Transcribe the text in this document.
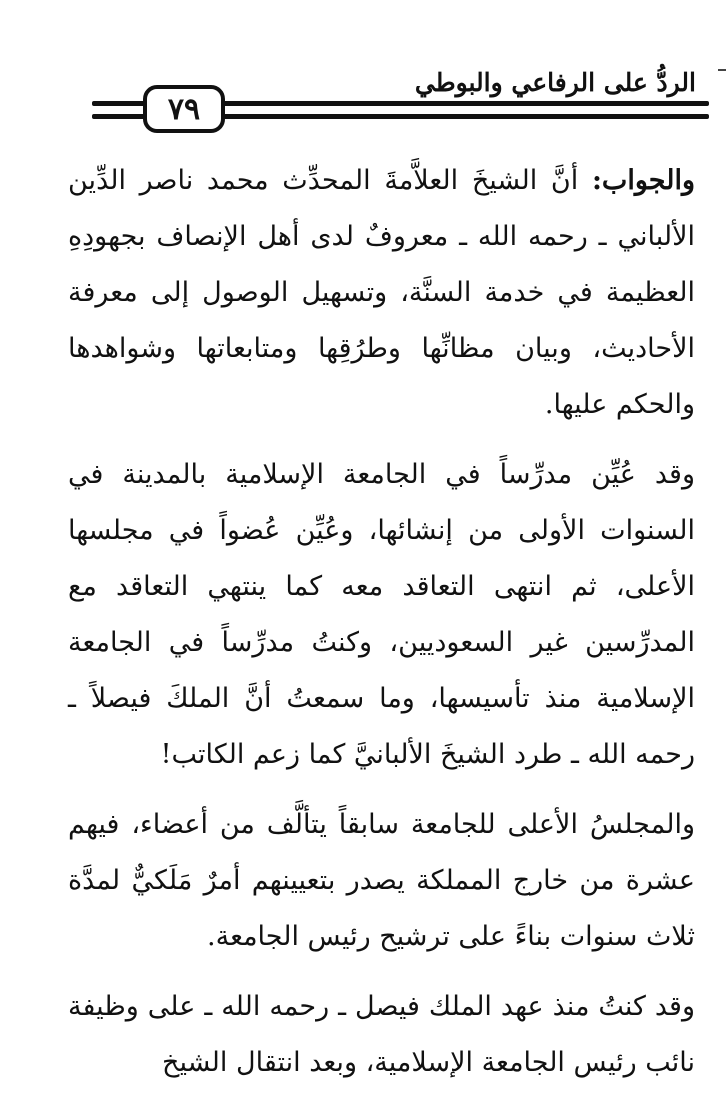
الردُّ على الرفاعي والبوطي
٧٩

والجواب: أنَّ الشيخَ العلاَّمةَ المحدِّث محمد ناصر الدِّين الألباني ـ رحمه الله ـ معروفٌ لدى أهل الإنصاف بجهودِهِ العظيمة في خدمة السنَّة، وتسهيل الوصول إلى معرفة الأحاديث، وبيان مظانِّها وطرُقِها ومتابعاتها وشواهدها والحكم عليها.

وقد عُيِّن مدرِّساً في الجامعة الإسلامية بالمدينة في السنوات الأولى من إنشائها، وعُيِّن عُضواً في مجلسها الأعلى، ثم انتهى التعاقد معه كما ينتهي التعاقد مع المدرِّسين غير السعوديين، وكنتُ مدرِّساً في الجامعة الإسلامية منذ تأسيسها، وما سمعتُ أنَّ الملكَ فيصلاً ـ رحمه الله ـ طرد الشيخَ الألبانيَّ كما زعم الكاتب!

والمجلسُ الأعلى للجامعة سابقاً يتألَّف من أعضاء، فيهم عشرة من خارج المملكة يصدر بتعيينهم أمرٌ مَلَكيٌّ لمدَّة ثلاث سنوات بناءً على ترشيح رئيس الجامعة.

وقد كنتُ منذ عهد الملك فيصل ـ رحمه الله ـ على وظيفة نائب رئيس الجامعة الإسلامية، وبعد انتقال الشيخ
